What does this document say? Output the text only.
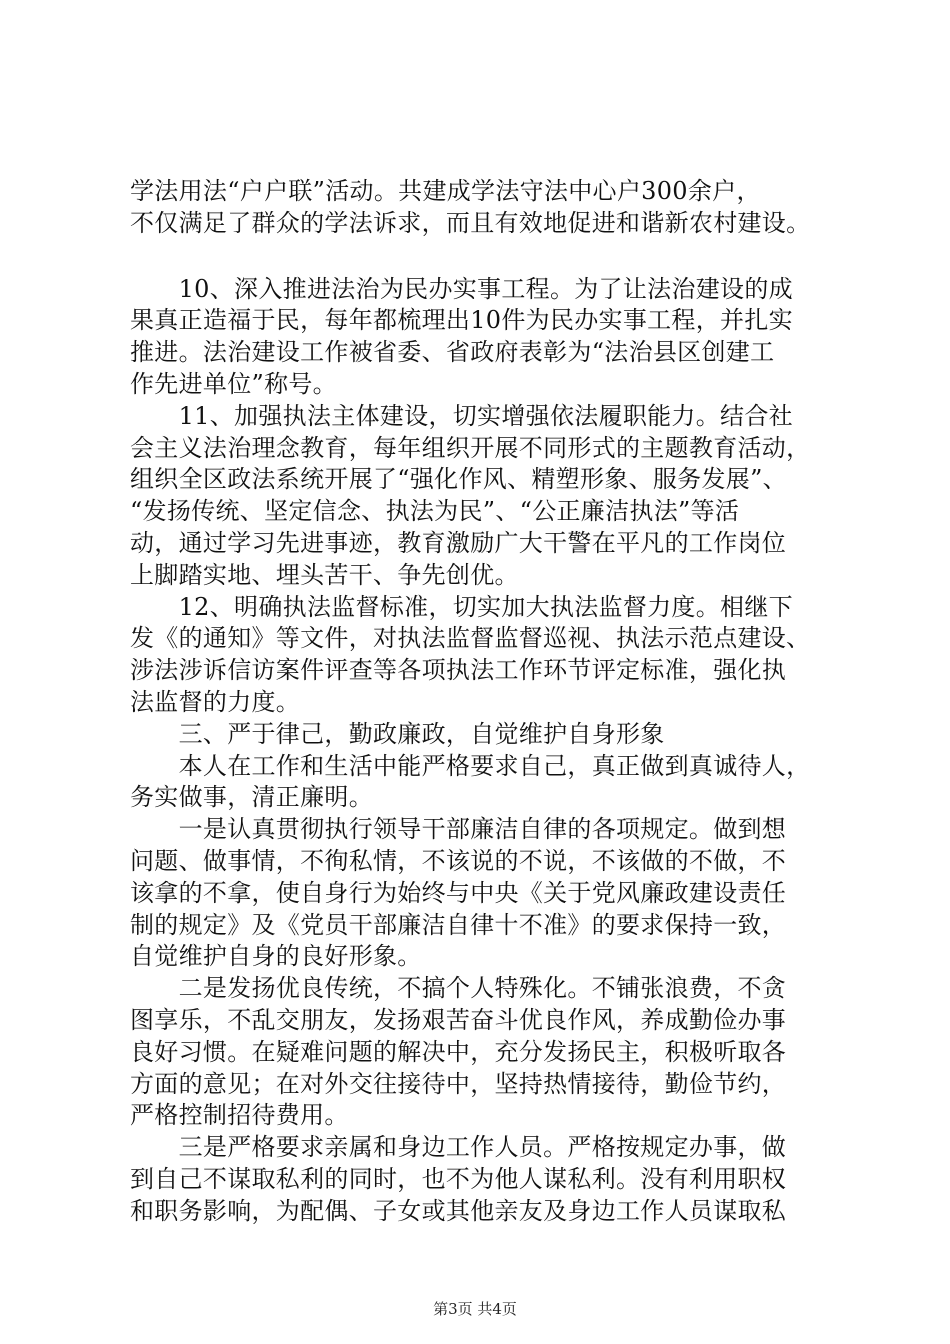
学法用法“户户联”活动。共建成学法守法中心户300余户，
不仅满足了群众的学法诉求，而且有效地促进和谐新农村建设。
　　10、深入推进法治为民办实事工程。为了让法治建设的成
果真正造福于民，每年都梳理出10件为民办实事工程，并扎实
推进。法治建设工作被省委、省政府表彰为“法治县区创建工
作先进单位”称号。
　　11、加强执法主体建设，切实增强依法履职能力。结合社
会主义法治理念教育，每年组织开展不同形式的主题教育活动，
组织全区政法系统开展了“强化作风、精塑形象、服务发展”、
“发扬传统、坚定信念、执法为民”、“公正廉洁执法”等活
动，通过学习先进事迹，教育激励广大干警在平凡的工作岗位
上脚踏实地、埋头苦干、争先创优。
　　12、明确执法监督标准，切实加大执法监督力度。相继下
发《的通知》等文件，对执法监督监督巡视、执法示范点建设、
涉法涉诉信访案件评查等各项执法工作环节评定标准，强化执
法监督的力度。
　　三、严于律己，勤政廉政，自觉维护自身形象
　　本人在工作和生活中能严格要求自己，真正做到真诚待人，
务实做事，清正廉明。
　　一是认真贯彻执行领导干部廉洁自律的各项规定。做到想
问题、做事情，不徇私情，不该说的不说，不该做的不做，不
该拿的不拿，使自身行为始终与中央《关于党风廉政建设责任
制的规定》及《党员干部廉洁自律十不准》的要求保持一致，
自觉维护自身的良好形象。
　　二是发扬优良传统，不搞个人特殊化。不铺张浪费，不贪
图享乐，不乱交朋友，发扬艰苦奋斗优良作风，养成勤俭办事
良好习惯。在疑难问题的解决中，充分发扬民主，积极听取各
方面的意见；在对外交往接待中，坚持热情接待，勤俭节约，
严格控制招待费用。
　　三是严格要求亲属和身边工作人员。严格按规定办事，做
到自己不谋取私利的同时，也不为他人谋私利。没有利用职权
和职务影响，为配偶、子女或其他亲友及身边工作人员谋取私
第3页 共4页
